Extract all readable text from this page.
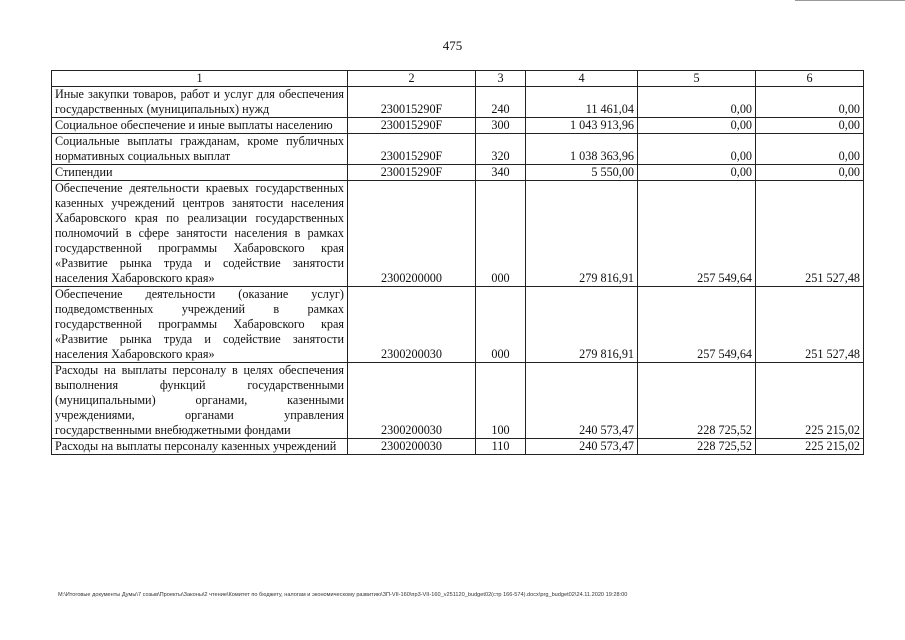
475
1	2	3	4	5	6
Иные закупки товаров, работ и услуг для обеспечения государственных (муниципальных) нужд	230015290F	240	11 461,04	0,00	0,00
Социальное обеспечение и иные выплаты населению	230015290F	300	1 043 913,96	0,00	0,00
Социальные выплаты гражданам, кроме публичных нормативных социальных выплат	230015290F	320	1 038 363,96	0,00	0,00
Стипендии	230015290F	340	5 550,00	0,00	0,00
Обеспечение деятельности краевых государственных казенных учреждений центров занятости населения Хабаровского края по реализации государственных полномочий в сфере занятости населения в рамках государственной программы Хабаровского края «Развитие рынка труда и содействие занятости населения Хабаровского края»	2300200000	000	279 816,91	257 549,64	251 527,48
Обеспечение деятельности (оказание услуг) подведомственных учреждений в рамках государственной программы Хабаровского края «Развитие рынка труда и содействие занятости населения Хабаровского края»	2300200030	000	279 816,91	257 549,64	251 527,48
Расходы на выплаты персоналу в целях обеспечения выполнения функций государственными (муниципальными) органами, казенными учреждениями, органами управления государственными внебюджетными фондами	2300200030	100	240 573,47	228 725,52	225 215,02
Расходы на выплаты персоналу казенных учреждений	2300200030	110	240 573,47	228 725,52	225 215,02
M:\Итоговые документы Думы\7 созыв\Проекты\Законы\2 чтение\Комитет по бюджету, налогам и экономическому развитию\ЗП-VII-160\пр3-VII-160_v251120_budget02(стр 166-574).docx\prg_budget02\24.11.2020 19:28:00
